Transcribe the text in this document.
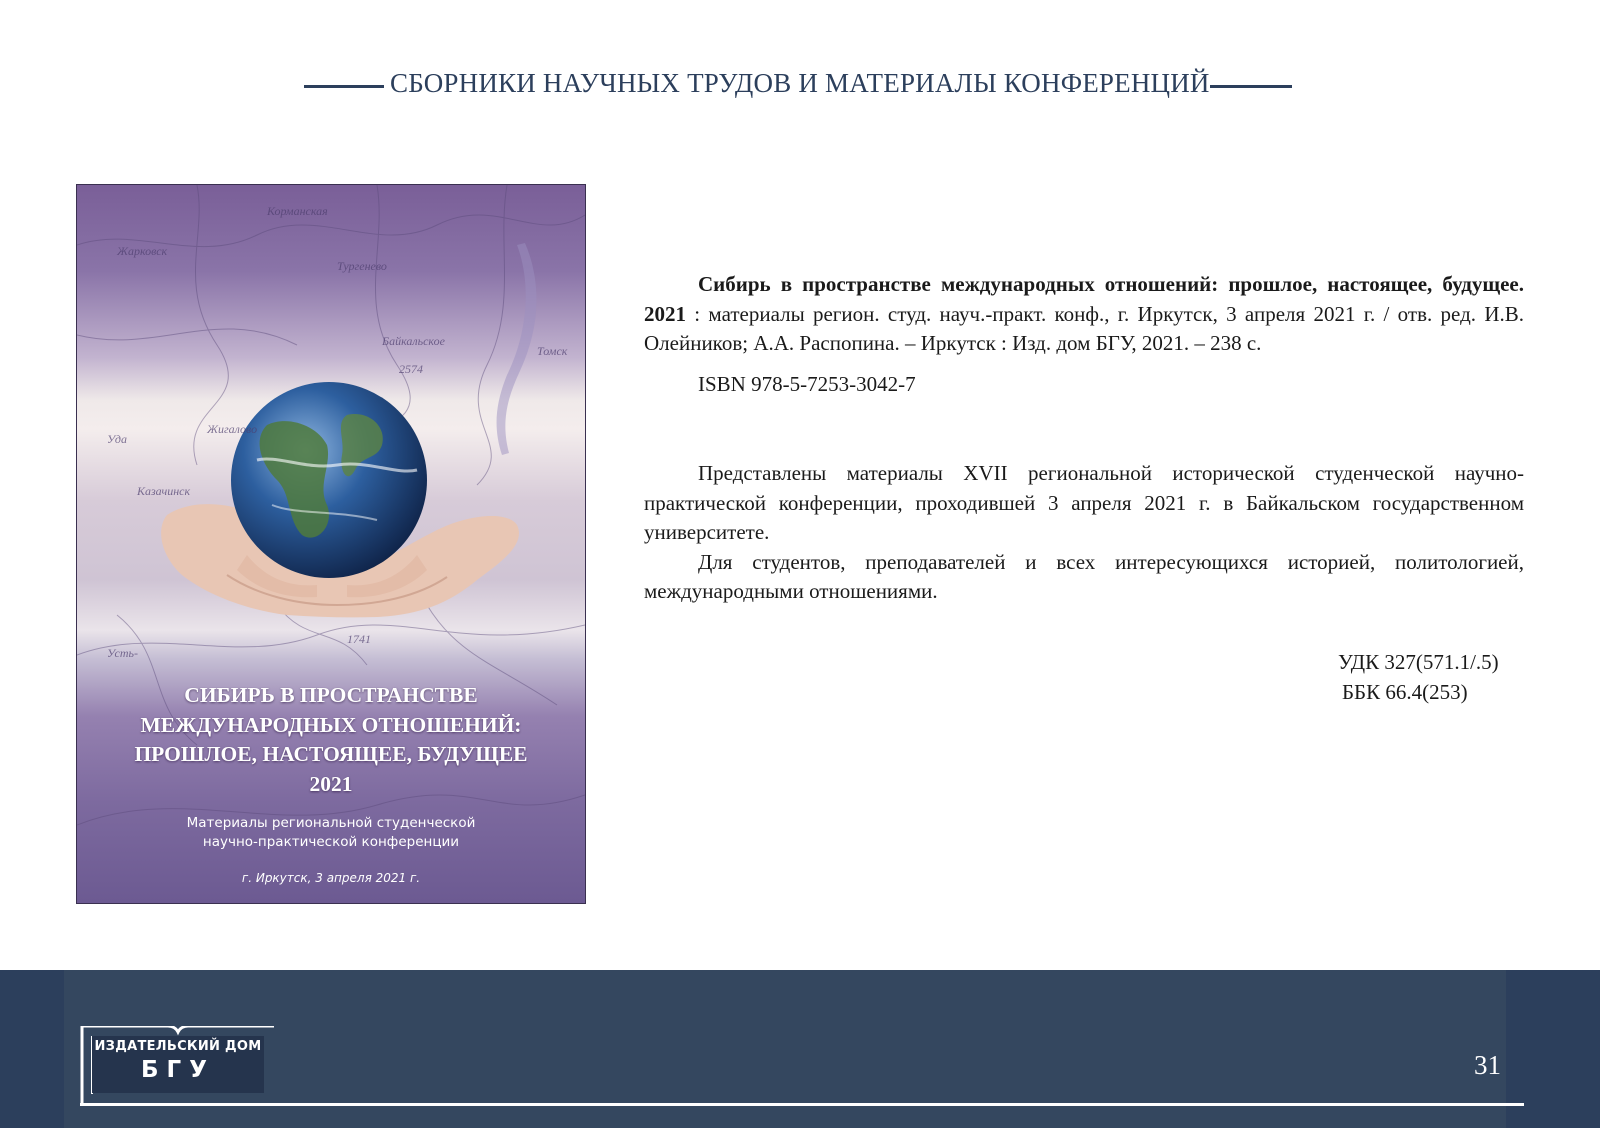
СБОРНИКИ НАУЧНЫХ ТРУДОВ И МАТЕРИАЛЫ КОНФЕРЕНЦИЙ
Корманская
Жарковск
Байкальское
2574
Жигалово
Уда
Казачинск
Тургенево
1741
Усть-
Томск
СИБИРЬ В ПРОСТРАНСТВЕ
МЕЖДУНАРОДНЫХ ОТНОШЕНИЙ:
ПРОШЛОЕ, НАСТОЯЩЕЕ, БУДУЩЕЕ
2021
Материалы региональной студенческой
научно-практической конференции
г. Иркутск, 3 апреля 2021 г.

Сибирь в пространстве международных отношений: прошлое, настоящее, будущее. 2021 : материалы регион. студ. науч.-практ. конф., г. Иркутск, 3 апреля 2021 г. / отв. ред. И.В. Олейников; А.А. Распопина. – Иркутск : Изд. дом БГУ, 2021. – 238 с.

ISBN 978-5-7253-3042-7

Представлены материалы XVII региональной исторической студенческой научно-практической конференции, проходившей 3 апреля 2021 г. в Байкальском государственном университете.

Для студентов, преподавателей и всех интересующихся историей, политологией, международными отношениями.

УДК 327(571.1/.5)
ББК 66.4(253)
ИЗДАТЕЛЬСКИЙ ДОМ
БГУ	31
